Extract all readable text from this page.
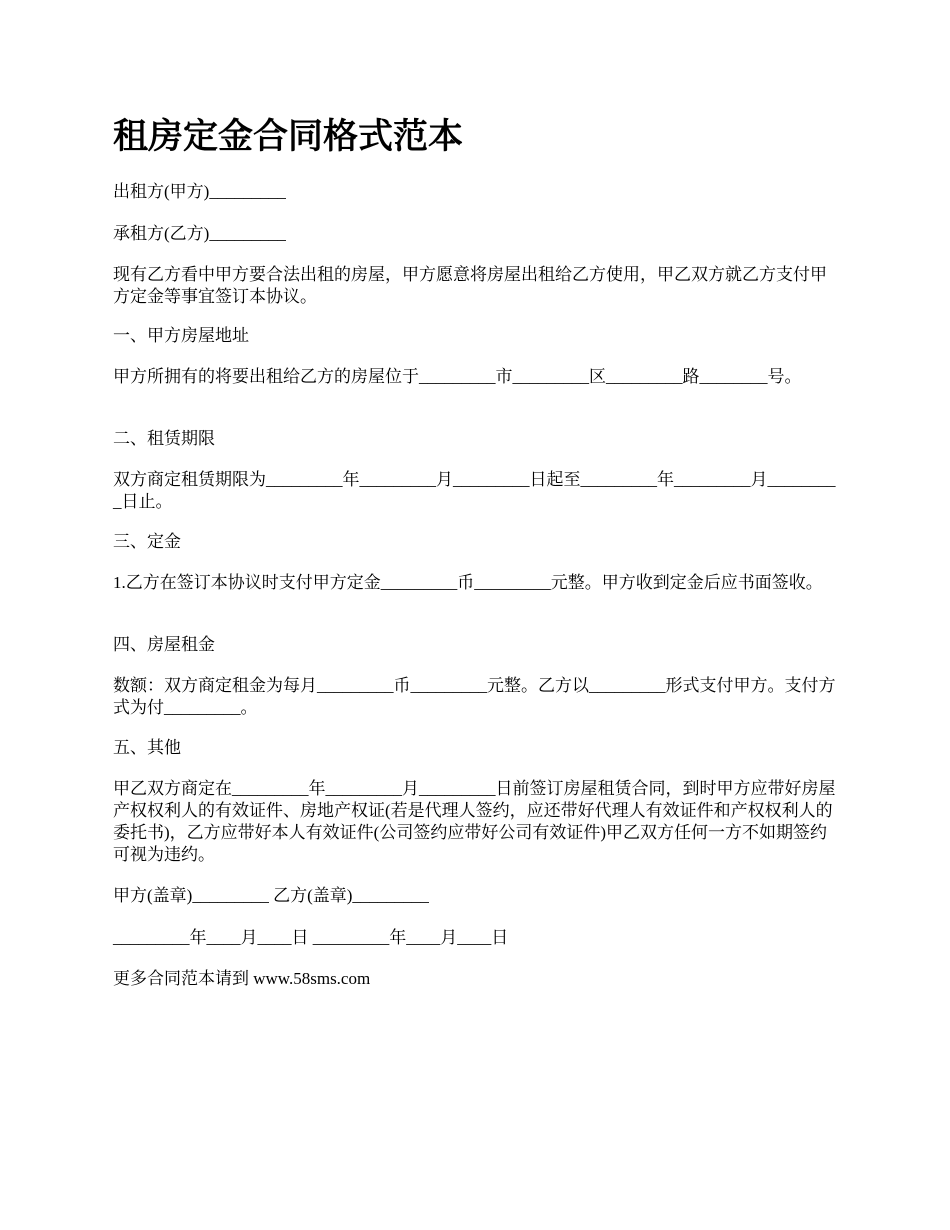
租房定金合同格式范本

出租方(甲方)_________

承租方(乙方)_________

现有乙方看中甲方要合法出租的房屋，甲方愿意将房屋出租给乙方使用，甲乙双方就乙方支付甲方定金等事宜签订本协议。

一、甲方房屋地址

甲方所拥有的将要出租给乙方的房屋位于_________市_________区_________路________号。

二、租赁期限

双方商定租赁期限为_________年_________月_________日起至_________年_________月_________日止。

三、定金

1.乙方在签订本协议时支付甲方定金_________币_________元整。甲方收到定金后应书面签收。

四、房屋租金

数额：双方商定租金为每月_________币_________元整。乙方以_________形式支付甲方。支付方式为付_________。

五、其他

甲乙双方商定在_________年_________月_________日前签订房屋租赁合同，到时甲方应带好房屋产权权利人的有效证件、房地产权证(若是代理人签约，应还带好代理人有效证件和产权权利人的委托书)，乙方应带好本人有效证件(公司签约应带好公司有效证件)甲乙双方任何一方不如期签约可视为违约。

甲方(盖章)_________ 乙方(盖章)_________

_________年____月____日 _________年____月____日

更多合同范本请到 www.58sms.com
